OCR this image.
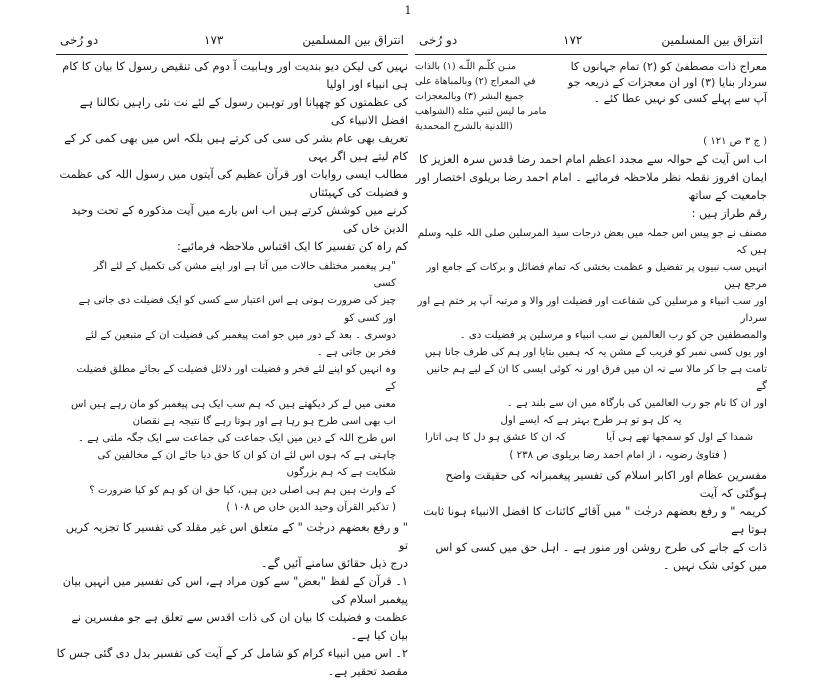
1
انتراق بين المسلمين
۱۷۳
دو رُخی

نہیں کی لیکن دیو بندیت اور وہابیت آ دوم کی تنقیص رسول کا بیان کا کام ہی انبیاء اور اولیا

کی عظمتوں کو چھپانا اور توہین رسول کے لئے نت نئی راہیں نکالنا ہے افضل الانبیاء کی

تعریف بھی عام بشر کی سی کی کرتے ہیں بلکہ اس میں بھی کمی کر کے کام لیتے ہیں اگر یہی

مطالب ایسی روایات اور قرآن عظیم کی آیتوں میں رسول اللہ کی عظمت و فضیلت کی کہیئتاں

کرنے میں کوشش کرتے ہیں اب اس بارے میں آیت مذکورہ کے تحت وحید الدین خاں کی

کم راہ کن تفسیر کا ایک اقتباس ملاحظہ فرمائیے:

"ہر پیغمبر مختلف حالات میں آتا ہے اور اپنے مشن کی تکمیل کے لئے اگر کسی

چیز کی ضرورت ہوتی ہے اس اعتبار سے کسی کو ایک فضیلت دی جاتی ہے اور کسی کو

دوسری ۔ بعد کے دور میں جو امت پیغمبر کی فضیلت ان کے متبعین کے لئے فخر بن جاتی ہے ۔

وہ انہیں کو اپنے لئے فخر و فضیلت اور دلائل فضیلت کے بجائے مطلق فضیلت کے

معنی میں لے کر دیکھتے ہیں کہ ہم سب ایک ہی پیغمبر کو مان رہے ہیں اس

اب بھی اسی طرح ہو رہا ہے اور ہوتا رہے گا نتیجہ ہے نقصان

اس طرح اللہ کے دین میں ایک جماعت کی جماعت سے ایک جگہ ملتی ہے ۔

چاہتی ہے کہ ہوں اس لئے ان کو ان کا حق دیا جائے ان کے مخالفین کی شکایت ہے کہ ہم بزرگوں

کے وارث ہیں ہم ہی اصلی دین ہیں، کیا حق ان کو ہم کو کیا ضرورت ؟

( تذکیر القرآن وحید الدین خاں ص ۱۰۸ )

" و رفع بعضهم درجٰت " کے متعلق اس غیر مقلد کی تفسیر کا تجزیہ کریں تو

درج ذیل حقائق سامنے آئیں گے۔

۱۔ قرآن کے لفظ "بعض" سے کون مراد ہے، اس کی تفسیر میں انہیں بیان پیغمبر اسلام کی

عظمت و فضیلت کا بیان ان کی ذات اقدس سے تعلق ہے جو مفسرین نے بیان کیا ہے۔

۲۔ اس میں انبیاء کرام کو شامل کر کے آیت کی تفسیر بدل دی گئی جس کا مقصد تحقیر ہے۔

انتراق بين المسلمين
۱۷۲
دو رُخی

منـن كلّـم اللّـه (۱) بالذات

في المعراج (۲) وبالمباهاة على

جميع البشر (۳) وبالمعجزات

مامر ما ليس لنبي مثله (الشواهب

اللدنية بالشرح المحمدية)

معراج ذات مصطفیٰ کو (۲) تمام جہانوں کا

سردار بنایا (۳) اور ان معجزات کے ذریعہ جو

آپ سے پہلے کسی کو نہیں عطا کئے ۔

( ج ۳ ص ۱۲۱ )

اب اس آیت کے حوالہ سے مجدد اعظم امام احمد رضا قدس سرہ العزیز کا

ایمان افروز نقطہ نظر ملاحظہ فرمائیے ۔ امام احمد رضا بریلوی اختصار اور جامعیت کے ساتھ

رقم طراز ہیں :

مصنف نے جو پیس اس جملہ میں بعض درجات سید المرسلین صلی اللہ علیہ وسلم ہیں کہ

انہیں سب نبیوں پر تفضیل و عظمت بخشی کہ تمام فضائل و برکات کے جامع اور مرجع ہیں

اور سب انبیاء و مرسلین کی شفاعت اور فضیلت اور والا و مرتبہ آپ پر ختم ہے اور سردار

والمصطفین جن کو رب العالمین نے سب انبیاء و مرسلین پر فضیلت دی ۔

اور یوں کسی نمبر کو فریب کے مشن یہ کہ ہمیں بتایا اور ہم کی طرف جانا ہیں

تامت ہے جا کر مالا سے نہ ان میں فرق اور نہ کوئی ایسی کا ان کے لیے ہم جانیں گے

اور ان کا نام جو رب العالمین کی بارگاہ میں ان سے بلند ہے ۔

یہ کل ہو تو ہر طرح بہتر ہے کہ ایسے اول

شمدا کے اول کو سمجھا تھے ہی آیا
کہ ان کا عشق ہو دل کا ہی اتارا

( فتاویٰ رضویہ ، از امام احمد رضا بریلوی ص ۲۳۸ )

مفسرین عظام اور اکابر اسلام کی تفسیر پیغمبرانہ کی حقیقت واضح ہوگئی کہ آیت

کریمہ " و رفع بعضهم درجٰت " میں آقائے کائنات کا افضل الانبیاء ہونا ثابت ہوتا ہے

ذات کے جانے کی طرح روشن اور منور ہے ۔ اہل حق میں کسی کو اس میں کوئی شک نہیں ۔
